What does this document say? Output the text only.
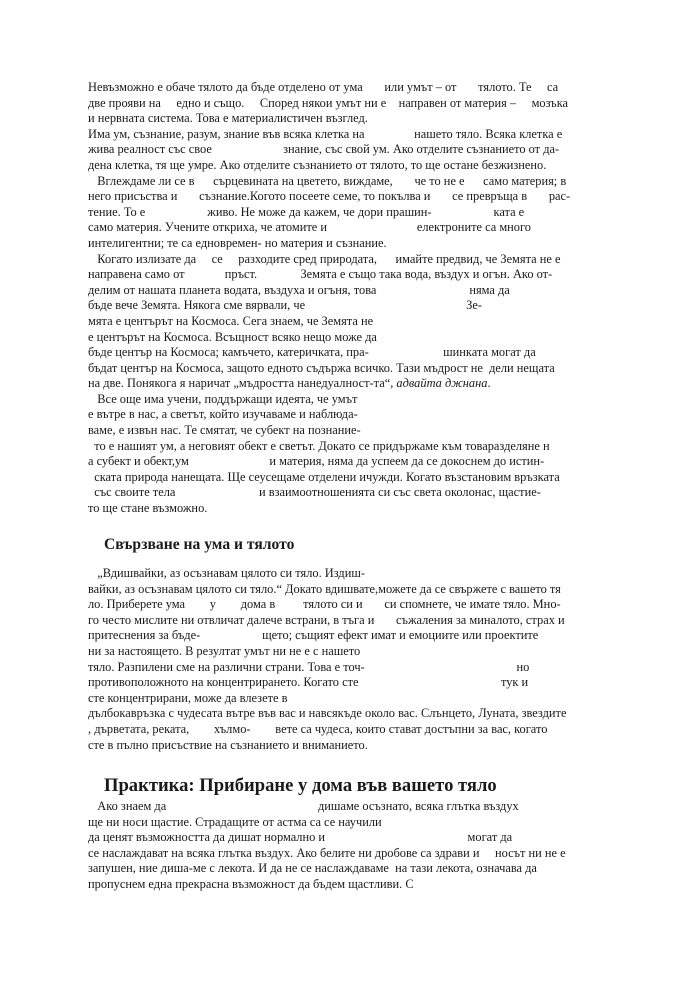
Невъзможно е обаче тялото да бъде отделено от ума       или умът – от       тялото. Те     са
две прояви на     едно и също.     Според някои умът ни е    направен от материя –     мозъка
и нервната система. Това е материалистичен възглед.
Има ум, съзнание, разум, знание във всяка клетка на                нашето тяло. Всяка клетка е
жива реалност със свое                       знание, със свой ум. Ако отделите съзнанието от да-
дена клетка, тя ще умре. Ако отделите съзнанието от тялото, то ще остане безжизнено.
Вглеждаме ли се в      сърцевината на цветето, виждаме,       че то не е      само материя; в
него присъства и       съзнание.Когото посеете семе, то покълва и       се превръща в       рас-
тение. То е                    живо. Не може да кажем, че дори прашин-                    ката е
само материя. Учените откриха, че атомите и                             електроните са много
интелигентни; те са едновремен- но материя и съзнание.
Когато излизате да     се     разходите сред природата,      имайте предвид, че Земята не е
направена само от             пръст.              Земята е също така вода, въздух и огън. Ако от-
делим от нашата планета водата, въздуха и огъня, това                              няма да
бъде вече Земята. Някога сме вярвали, че                                                    Зе-
мята е центърът на Космоса. Сега знаем, че Земята не
е центърът на Космоса. Всъщност всяко нещо може да
бъде център на Космоса; камъчето, катеричката, пра-                        шинката могат да
бъдат център на Космоса, защото едното съдържа всичко. Тази мъдрост не  дели нещата
на две. Понякога я наричат „мъдростта нанедуалност-та“, адвайта джнана.
Все още има учени, поддържащи идеята, че умът
е вътре в нас, а светът, който изучаваме и наблюда-
ваме, е извън нас. Те смятат, че субект на познание-
то е нашият ум, а неговият обект е светът. Докато се придържаме към товаразделяне н
а субект и обект,ум                          и материя, няма да успеем да се докоснем до истин-
ската природа нанещата. Ще сеусещаме отделени ичужди. Когато възстановим връзката
със своите тела                           и взаимоотношенията си със света околонас, щастие-
то ще стане възможно.
Свързване на ума и тялото
„Вдишвайки, аз осъзнавам цялото си тяло. Издиш-
вайки, аз осъзнавам цялото си тяло.“ Докато вдишвате,можете да се свържете с вашето тя
ло. Приберете ума        у        дома в         тялото си и       си спомнете, че имате тяло. Мно-
го често мислите ни отвличат далече встрани, в тъга и       съжаления за миналото, страх и
притеснения за бъде-                    щето; същият ефект имат и емоциите или проектите
ни за настоящето. В резултат умът ни не е с нашето
тяло. Разпилени сме на различни страни. Това е точ-                                                 но
противоположното на концентрирането. Когато сте                                              тук и
сте концентрирани, може да влезете в
дълбокавръзка с чудесата вътре във вас и навсякъде около вас. Слънцето, Луната, звездите
, дърветата, реката,        хълмо-        вете са чудеса, които стават достъпни за вас, когато
сте в пълно присъствие на съзнанието и вниманието.
Практика: Прибиране у дома във вашето тяло
Ако знаем да                                                 дишаме осъзнато, всяка глътка въздух
ще ни носи щастие. Страдащите от астма са се научили
да ценят възможността да дишат нормално и                                              могат да
се наслаждават на всяка глътка въздух. Ако белите ни дробове са здрави и     носът ни не е
запушен, ние диша-ме с лекота. И да не се наслаждаваме  на тази лекота, означава да
пропуснем една прекрасна възможност да бъдем щастливи. С
